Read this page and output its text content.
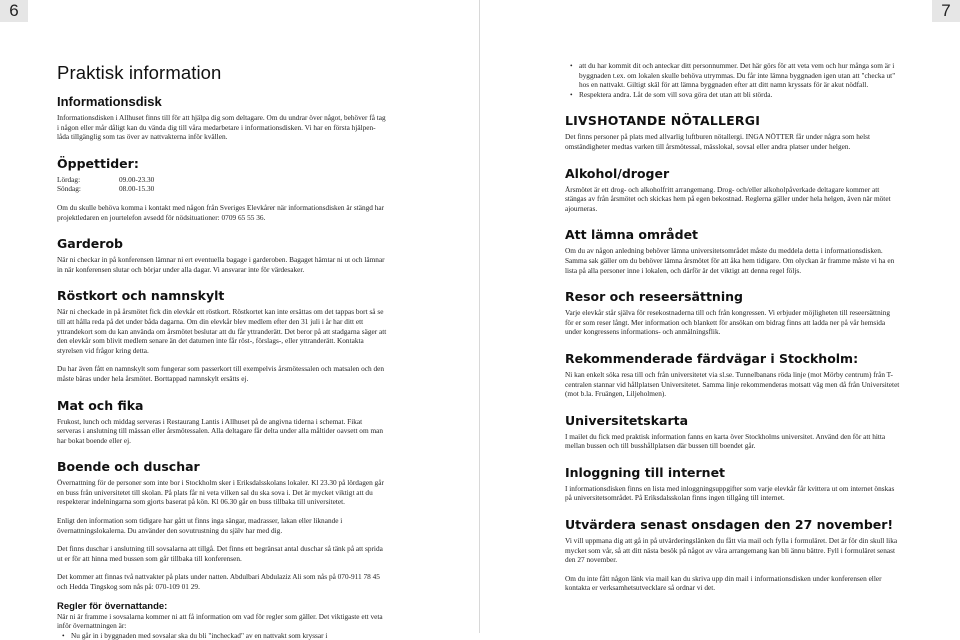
6	7
Praktisk information
Informationsdisk

Informationsdisken i Allhuset finns till för att hjälpa dig som deltagare. Om du undrar över något, behöver få tag i någon eller mår dåligt kan du vända dig till våra medarbetare i informationsdisken. Vi har en första hjälpen-låda tillgänglig som tas över av nattvakterna inför kvällen.

Öppettider:
Lördag:	09.00-23.30
Söndag:	08.00-15.30

Om du skulle behöva komma i kontakt med någon från Sveriges Elevkårer när informationsdisken är stängd har projektledaren en jourtelefon avsedd för nödsituationer: 0709 65 55 36.

Garderob

När ni checkar in på konferensen lämnar ni ert eventuella bagage i garderoben. Bagaget hämtar ni ut och lämnar in när konferensen slutar och börjar under alla dagar. Vi ansvarar inte för värdesaker.

Röstkort och namnskylt

När ni checkade in på årsmötet fick din elevkår ett röstkort. Röstkortet kan inte ersättas om det tappas bort så se till att hålla reda på det under båda dagarna. Om din elevkår blev medlem efter den 31 juli i år har ditt ett yttrandekort som du kan använda om årsmötet beslutar att du får yttranderätt. Det beror på att stadgarna säger att den elevkår som blivit medlem senare än det datumen inte får röst-, förslags-, eller yttranderätt. Kontakta styrelsen vid frågor kring detta.

Du har även fått en namnskylt som fungerar som passerkort till exempelvis årsmötessalen och matsalen och den måste bäras under hela årsmötet. Borttappad namnskylt ersätts ej.

Mat och fika

Frukost, lunch och middag serveras i Restaurang Lantis i Allhuset på de angivna tiderna i schemat. Fikat serveras i anslutning till mässan eller årsmötessalen. Alla deltagare får delta under alla måltider oavsett om man har bokat boende eller ej.

Boende och duschar

Övernattning för de personer som inte bor i Stockholm sker i Eriksdalsskolans lokaler. Kl 23.30 på lördagen går en buss från universitetet till skolan. På plats får ni veta vilken sal du ska sova i. Det är mycket viktigt att du respekterar indelningarna som gjorts baserat på kön. Kl 06.30 går en buss tillbaka till universitetet.

Enligt den information som tidigare har gått ut finns inga sängar, madrasser, lakan eller liknande i övernattningslokalerna. Du använder den sovutrustning du själv har med dig.

Det finns duschar i anslutning till sovsalarna att tillgå. Det finns ett begränsat antal duschar så tänk på att sprida ut er för att hinna med bussen som går tillbaka till konferensen.

Det kommer att finnas två nattvakter på plats under natten. Abdulbari Abdulaziz Ali som nås på 070-911 78 45 och Hedda Tingskog som nås på: 070-109 01 29.

Regler för övernattande:

När ni är framme i sovsalarna kommer ni att få information om vad för regler som gäller. Det viktigaste ett veta inför övernattningen är:

• Nu går in i byggnaden med sovsalar ska du bli "incheckad" av en nattvakt som kryssar i
• att du har kommit dit och anteckar ditt personnummer. Det här görs för att veta vem och hur många som är i byggnaden t.ex. om lokalen skulle behöva utrymmas. Du får inte lämna byggnaden igen utan att "checka ut" hos en nattvakt. Giltigt skäl för att lämna byggnaden efter att ditt namn kryssats för är akut nödfall.
• Respektera andra. Låt de som vill sova göra det utan att bli störda.
LIVSHOTANDE NÖTALLERGI

Det finns personer på plats med allvarlig luftburen nötallergi. INGA NÖTTER får under några som helst omständigheter medtas varken till årsmötessal, mässlokal, sovsal eller andra platser under helgen.

Alkohol/droger

Årsmötet är ett drog- och alkoholfritt arrangemang. Drog- och/eller alkoholpåverkade deltagare kommer att stängas av från årsmötet och skickas hem på egen bekostnad. Reglerna gäller under hela helgen, även när mötet ajourneras.

Att lämna området

Om du av någon anledning behöver lämna universitetsområdet måste du meddela detta i informationsdisken. Samma sak gäller om du behöver lämna årsmötet för att åka hem tidigare. Om olyckan är framme måste vi ha en lista på alla personer inne i lokalen, och därför är det viktigt att denna regel följs.

Resor och reseersättning

Varje elevkår står själva för resekostnaderna till och från kongressen. Vi erbjuder möjligheten till reseersättning för er som reser långt. Mer information och blankett för ansökan om bidrag finns att ladda ner på vår hemsida under kongressens informations- och anmälningsflik.

Rekommenderade färdvägar i Stockholm:

Ni kan enkelt söka resa till och från universitetet via sl.se. Tunnelbanans röda linje (mot Mörby centrum) från T-centralen stannar vid hållplatsen Universitetet. Samma linje rekommenderas motsatt väg men då från Universitetet (mot b.la. Fruängen, Liljeholmen).

Universitetskarta

I mailet du fick med praktisk information fanns en karta över Stockholms universitet. Använd den för att hitta mellan bussen och till busshållplatsen där bussen till boendet går.

Inloggning till internet

I informationsdisken finns en lista med inloggningsuppgifter som varje elevkår får kvittera ut om internet önskas på universitetsområdet. På Eriksdalsskolan finns ingen tillgång till internet.

Utvärdera senast onsdagen den 27 november!

Vi vill uppmana dig att gå in på utvärderingslänken du fått via mail och fylla i formuläret. Det är för din skull lika mycket som vår, så att ditt nästa besök på något av våra arrangemang kan bli ännu bättre. Fyll i formuläret senast den 27 november.

Om du inte fått någon länk via mail kan du skriva upp din mail i informationsdisken under konferensen eller kontakta er verksamhetsutvecklare så ordnar vi det.
